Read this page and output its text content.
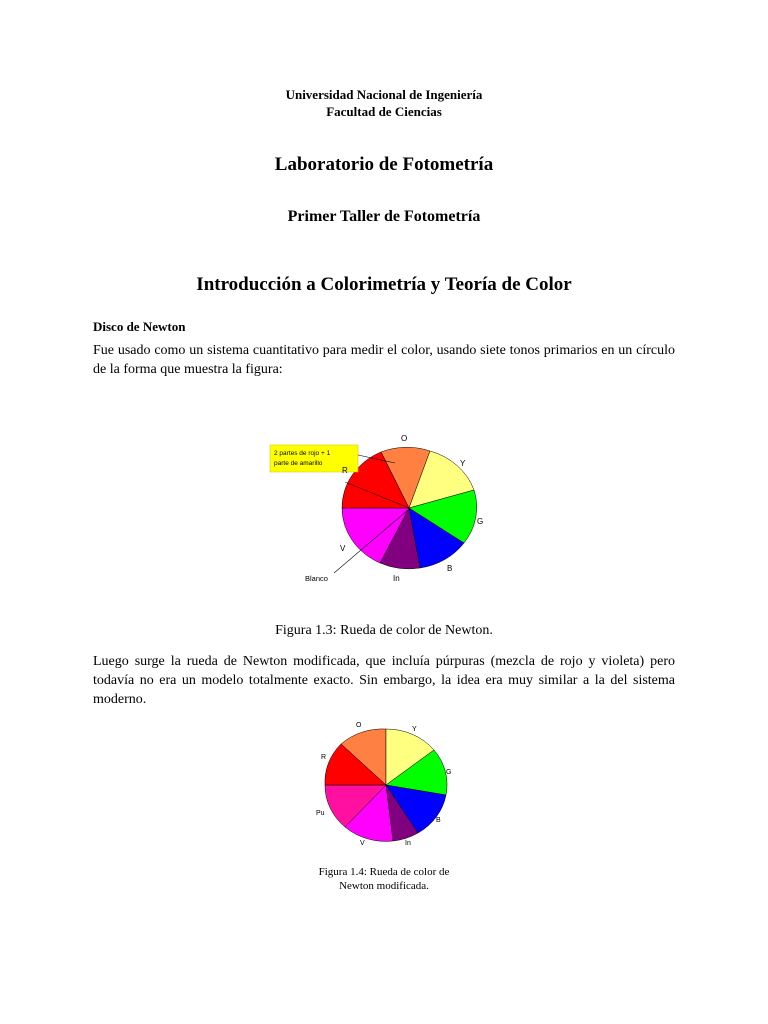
Universidad Nacional de Ingeniería
Facultad de Ciencias
Laboratorio de Fotometría
Primer Taller de Fotometría
Introducción a Colorimetría y Teoría de Color
Disco de Newton
Fue usado como un sistema cuantitativo para medir el color, usando siete tonos primarios en un círculo de la forma que muestra la figura:
2 partes de rojo + 1
parte de amarillo
O
Y
G
B
In
V
R
Blanco
Figura 1.3: Rueda de color de Newton.
Luego surge la rueda de Newton modificada, que incluía púrpuras (mezcla de rojo y violeta) pero todavía no era un modelo totalmente exacto. Sin embargo, la idea era muy similar a la del sistema moderno.
O
Y
G
B
In
V
Pu
R
Figura 1.4: Rueda de color de
Newton modificada.
